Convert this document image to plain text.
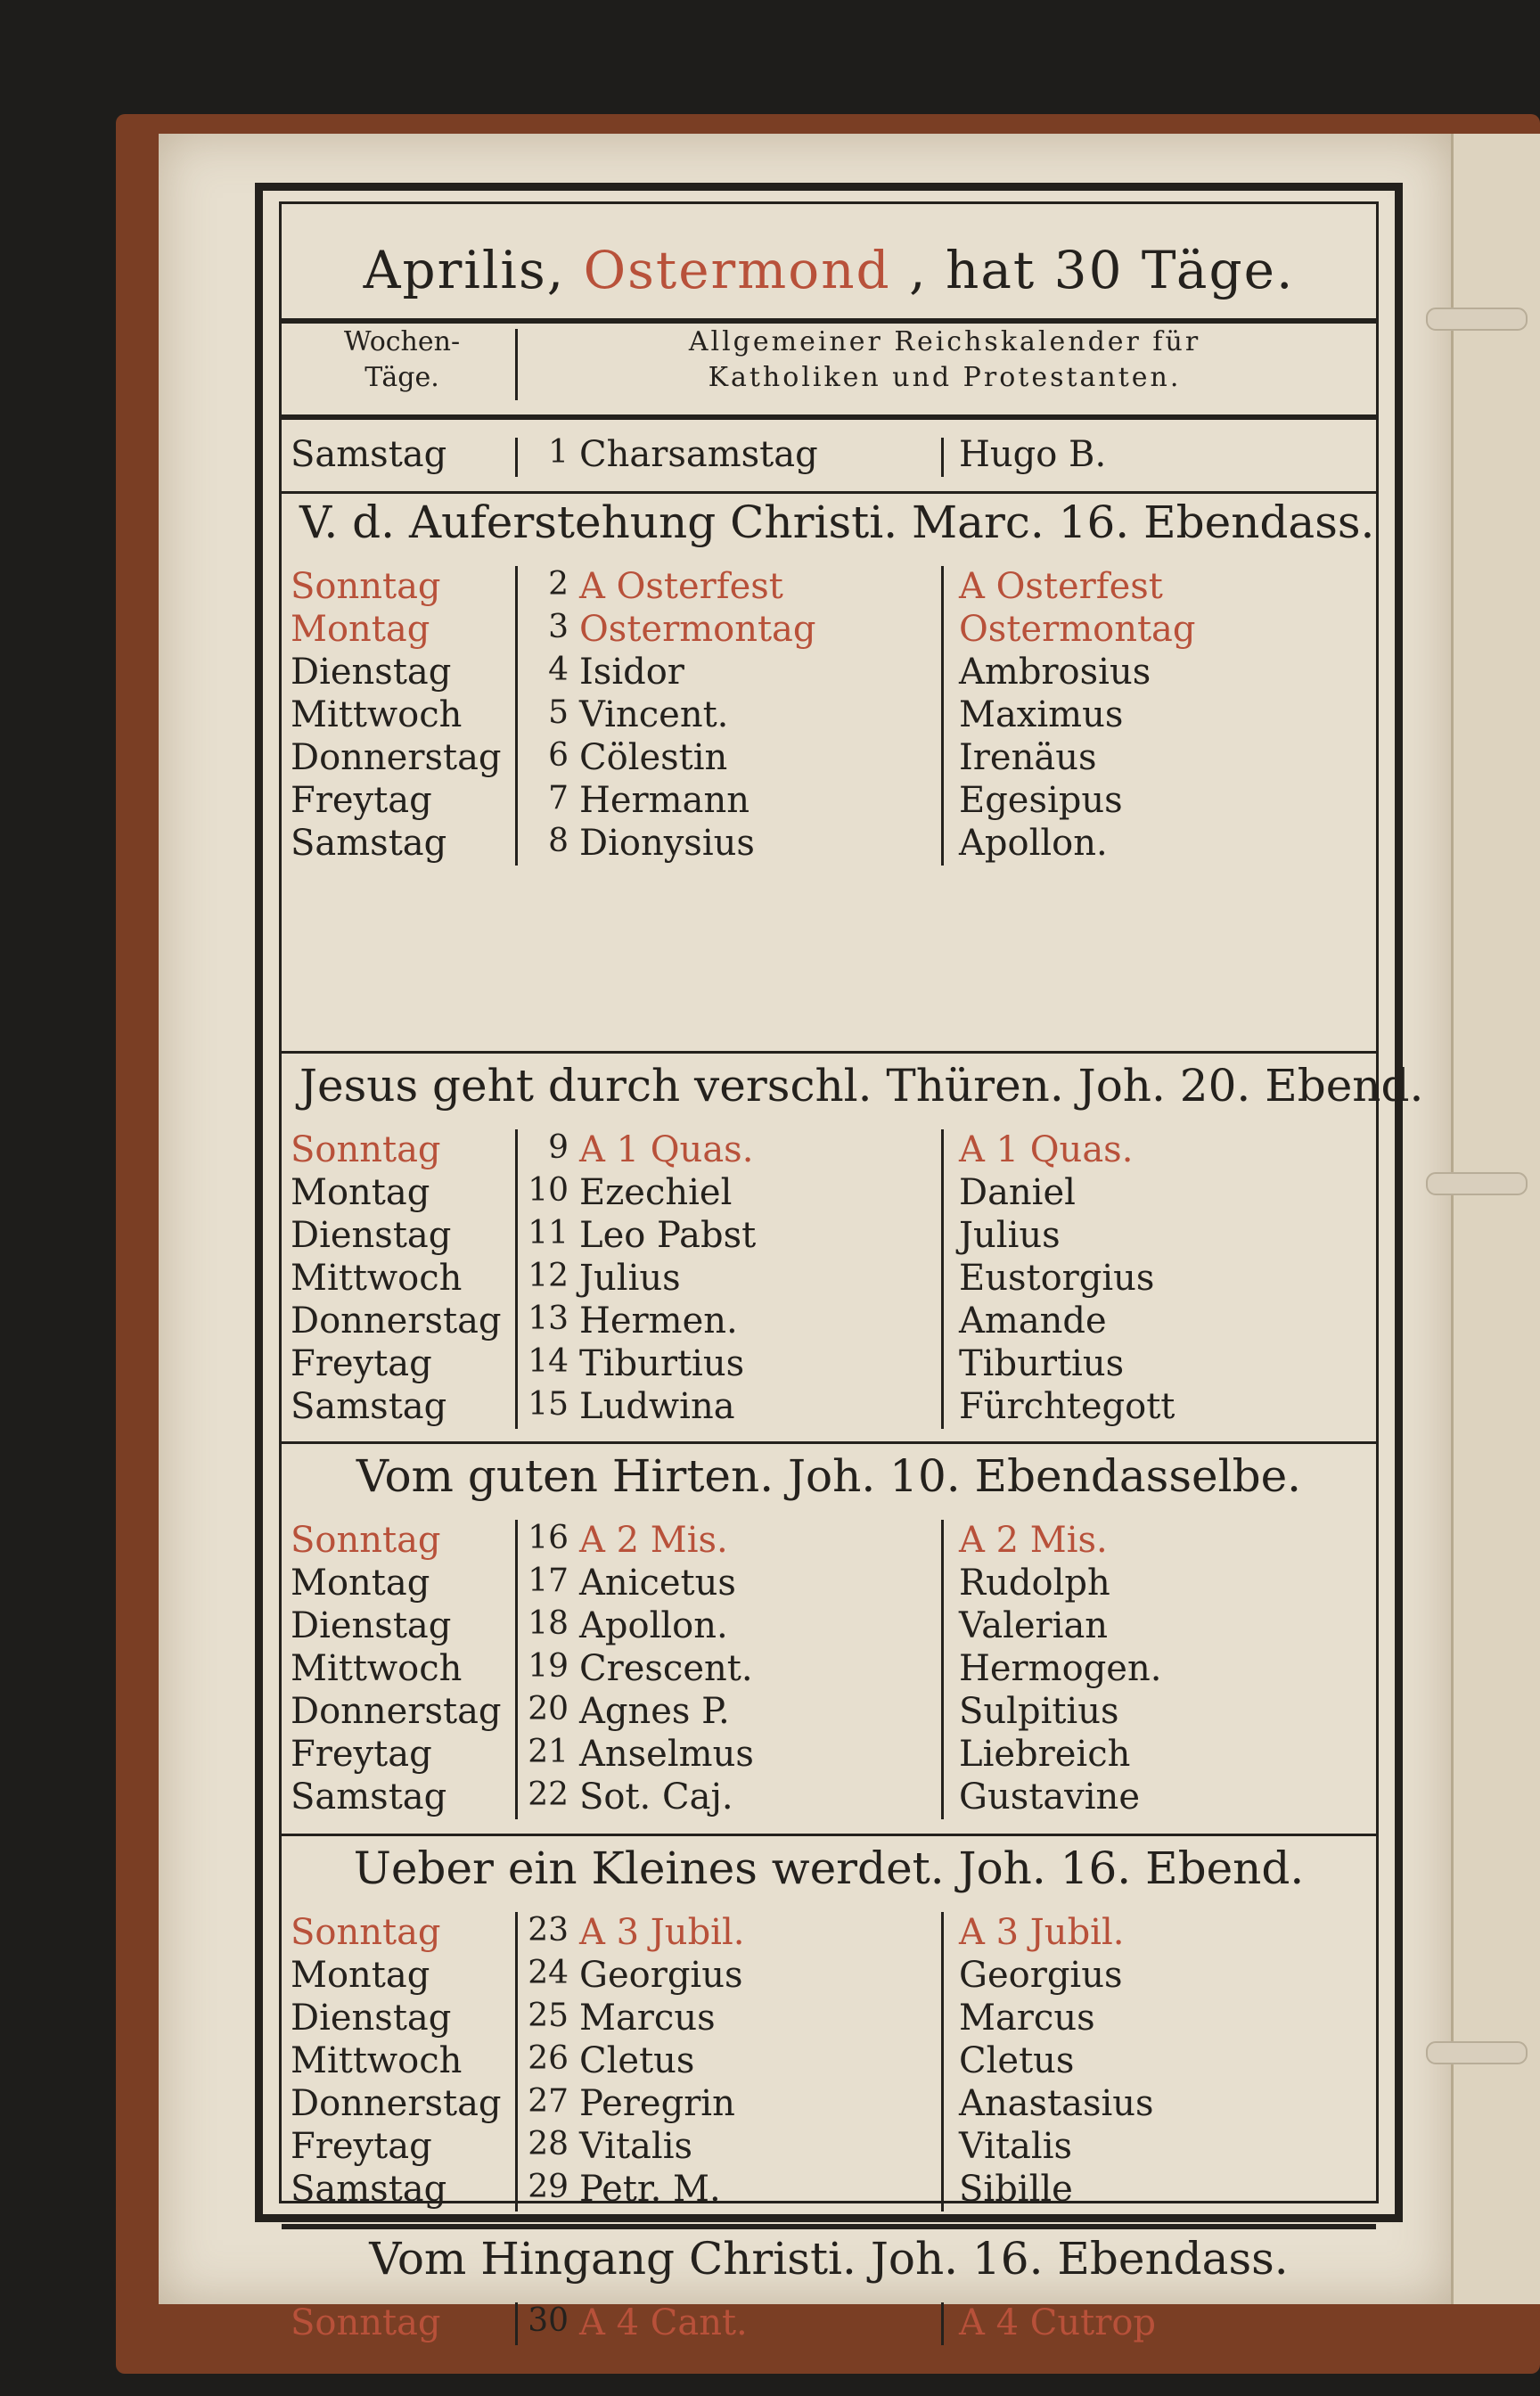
Aprilis, Ostermond , hat 30 Täge.
Wochen-
Täge.
Allgemeiner Reichskalender für
Katholiken und Protestanten.
Samstag	1 Charsamstag	Hugo B.
V. d. Auferstehung Christi. Marc. 16. Ebendass.
Sonntag	2 A Osterfest	A Osterfest
Montag	3 Ostermontag	Ostermontag
Dienstag	4 Isidor	Ambrosius
Mittwoch	5 Vincent.	Maximus
Donnerstag	6 Cölestin	Irenäus
Freytag	7 Hermann	Egesipus
Samstag	8 Dionysius	Apollon.
Jesus geht durch verschl. Thüren. Joh. 20. Ebend.
Sonntag	9 A 1 Quas.	A 1 Quas.
Montag	10 Ezechiel	Daniel
Dienstag	11 Leo Pabst	Julius
Mittwoch	12 Julius	Eustorgius
Donnerstag 13 Hermen.	Amande
Freytag	14 Tiburtius	Tiburtius
Samstag	15 Ludwina	Fürchtegott
Vom guten Hirten. Joh. 10. Ebendasselbe.
Sonntag	16 A 2 Mis.	A 2 Mis.
Montag	17 Anicetus	Rudolph
Dienstag	18 Apollon.	Valerian
Mittwoch	19 Crescent.	Hermogen.
Donnerstag 20 Agnes P.	Sulpitius
Freytag	21 Anselmus	Liebreich
Samstag	22 Sot. Caj.	Gustavine
Ueber ein Kleines werdet. Joh. 16. Ebend.
Sonntag	23 A 3 Jubil.	A 3 Jubil.
Montag	24 Georgius	Georgius
Dienstag	25 Marcus	Marcus
Mittwoch	26 Cletus	Cletus
Donnerstag 27 Peregrin	Anastasius
Freytag	28 Vitalis	Vitalis
Samstag	29 Petr. M.	Sibille
Vom Hingang Christi. Joh. 16. Ebendass.
Sonntag	30 A 4 Cant.	A 4 Cutrop
